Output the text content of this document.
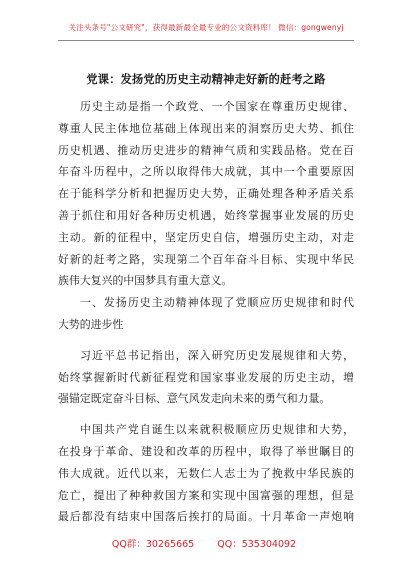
关注头条号"公文研究"，获得最新最全最专业的公文资料库！ 微信：gongwenyj
党课：发扬党的历史主动精神走好新的赶考之路
历史主动是指一个政党、一个国家在尊重历史规律、
尊重人民主体地位基础上体现出来的洞察历史大势、抓住
历史机遇、推动历史进步的精神气质和实践品格。党在百
年奋斗历程中，之所以取得伟大成就，其中一个重要原因
在于能科学分析和把握历史大势，正确处理各种矛盾关系
善于抓住和用好各种历史机遇，始终掌握事业发展的历史
主动。新的征程中，坚定历史自信，增强历史主动，对走
好新的赶考之路，实现第二个百年奋斗目标、实现中华民
族伟大复兴的中国梦具有重大意义。
一、发扬历史主动精神体现了党顺应历史规律和时代
大势的进步性
习近平总书记指出，深入研究历史发展规律和大势，
始终掌握新时代新征程党和国家事业发展的历史主动，增
强锚定既定奋斗目标、意气风发走向未来的勇气和力量。
中国共产党自诞生以来就积极顺应历史规律和大势，
在投身于革命、建设和改革的历程中，取得了举世瞩目的
伟大成就。近代以来，无数仁人志士为了挽救中华民族的
危亡，提出了种种救国方案和实现中国富强的理想，但是
最后都没有结束中国落后挨打的局面。十月革命一声炮响
QQ群：30265665 QQ：535304092
